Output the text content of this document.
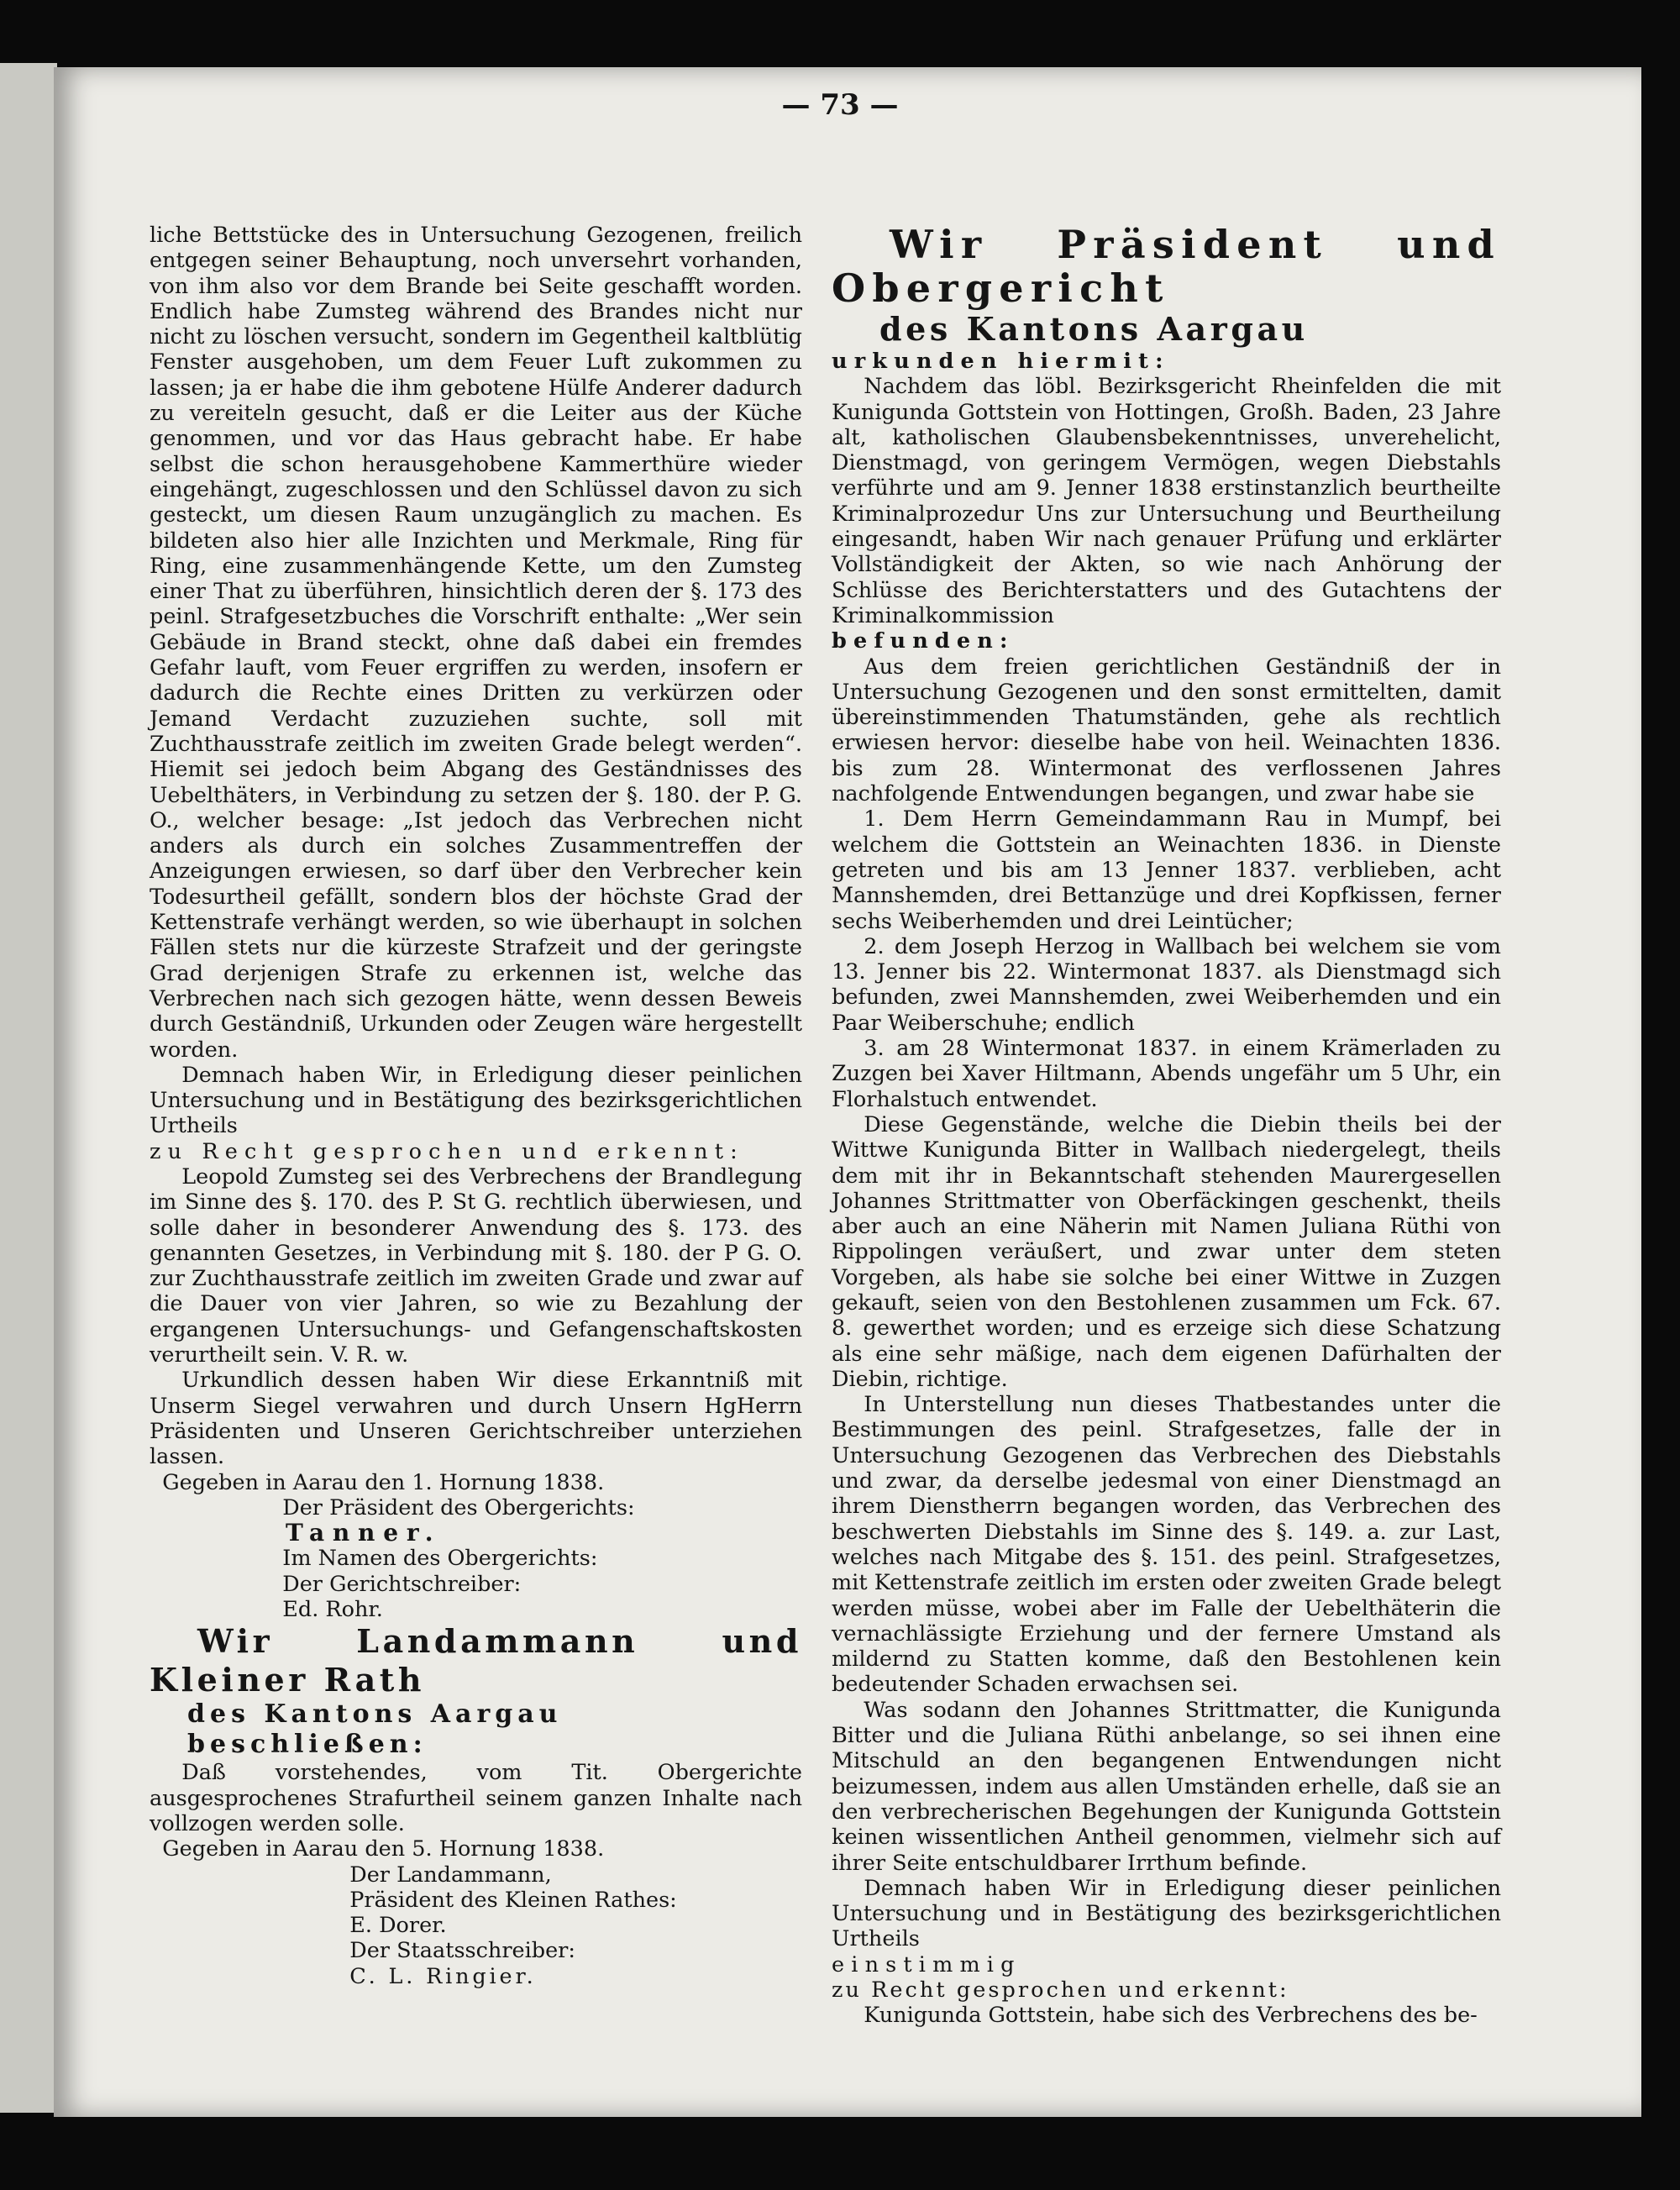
— 73 —

liche Bettstücke des in Untersuchung Gezogenen, freilich entgegen seiner Behauptung, noch unversehrt vorhanden, von ihm also vor dem Brande bei Seite geschafft worden. Endlich habe Zumsteg während des Brandes nicht nur nicht zu löschen versucht, sondern im Gegentheil kaltblütig Fenster ausgehoben, um dem Feuer Luft zukommen zu lassen; ja er habe die ihm gebotene Hülfe Anderer dadurch zu vereiteln gesucht, daß er die Leiter aus der Küche genommen, und vor das Haus gebracht habe. Er habe selbst die schon herausgehobene Kammerthüre wieder eingehängt, zugeschlossen und den Schlüssel davon zu sich gesteckt, um diesen Raum unzugänglich zu machen. Es bildeten also hier alle Inzichten und Merkmale, Ring für Ring, eine zusammenhängende Kette, um den Zumsteg einer That zu überführen, hinsichtlich deren der §. 173 des peinl. Strafgesetzbuches die Vorschrift enthalte: „Wer sein Gebäude in Brand steckt, ohne daß dabei ein fremdes Gefahr lauft, vom Feuer ergriffen zu werden, insofern er dadurch die Rechte eines Dritten zu verkürzen oder Jemand Verdacht zuzuziehen suchte, soll mit Zuchthausstrafe zeitlich im zweiten Grade belegt werden“. Hiemit sei jedoch beim Abgang des Geständnisses des Uebelthäters, in Verbindung zu setzen der §. 180. der P. G. O., welcher besage: „Ist jedoch das Verbrechen nicht anders als durch ein solches Zusammentreffen der Anzeigungen erwiesen, so darf über den Verbrecher kein Todesurtheil gefällt, sondern blos der höchste Grad der Kettenstrafe verhängt werden, so wie überhaupt in solchen Fällen stets nur die kürzeste Strafzeit und der geringste Grad derjenigen Strafe zu erkennen ist, welche das Verbrechen nach sich gezogen hätte, wenn dessen Beweis durch Geständniß, Urkunden oder Zeugen wäre hergestellt worden.

Demnach haben Wir, in Erledigung dieser peinlichen Untersuchung und in Bestätigung des bezirksgerichtlichen Urtheils

zu Recht gesprochen und erkennt:

Leopold Zumsteg sei des Verbrechens der Brandlegung im Sinne des §. 170. des P. St G. rechtlich überwiesen, und solle daher in besonderer Anwendung des §. 173. des genannten Gesetzes, in Verbindung mit §. 180. der P G. O. zur Zuchthausstrafe zeitlich im zweiten Grade und zwar auf die Dauer von vier Jahren, so wie zu Bezahlung der ergangenen Untersuchungs- und Gefangenschaftskosten verurtheilt sein. V. R. w.

Urkundlich dessen haben Wir diese Erkanntniß mit Unserm Siegel verwahren und durch Unsern HgHerrn Präsidenten und Unseren Gerichtschreiber unterziehen lassen.

Gegeben in Aarau den 1. Hornung 1838.

Der Präsident des Obergerichts:

Tanner.

Im Namen des Obergerichts:

Der Gerichtschreiber:

Ed. Rohr.

Wir Landammann und Kleiner Rath

des Kantons Aargau

beschließen:

Daß vorstehendes, vom Tit. Obergerichte ausgesprochenes Strafurtheil seinem ganzen Inhalte nach vollzogen werden solle.

Gegeben in Aarau den 5. Hornung 1838.

Der Landammann,

Präsident des Kleinen Rathes:

E. Dorer.

Der Staatsschreiber:

C. L. Ringier.

Wir Präsident und Obergericht

des Kantons Aargau

urkunden hiermit:

Nachdem das löbl. Bezirksgericht Rheinfelden die mit Kunigunda Gottstein von Hottingen, Großh. Baden, 23 Jahre alt, katholischen Glaubensbekenntnisses, unverehelicht, Dienstmagd, von geringem Vermögen, wegen Diebstahls verführte und am 9. Jenner 1838 erstinstanzlich beurtheilte Kriminalprozedur Uns zur Untersuchung und Beurtheilung eingesandt, haben Wir nach genauer Prüfung und erklärter Vollständigkeit der Akten, so wie nach Anhörung der Schlüsse des Berichterstatters und des Gutachtens der Kriminalkommission

befunden:

Aus dem freien gerichtlichen Geständniß der in Untersuchung Gezogenen und den sonst ermittelten, damit übereinstimmenden Thatumständen, gehe als rechtlich erwiesen hervor: dieselbe habe von heil. Weinachten 1836. bis zum 28. Wintermonat des verflossenen Jahres nachfolgende Entwendungen begangen, und zwar habe sie

1. Dem Herrn Gemeindammann Rau in Mumpf, bei welchem die Gottstein an Weinachten 1836. in Dienste getreten und bis am 13 Jenner 1837. verblieben, acht Mannshemden, drei Bettanzüge und drei Kopfkissen, ferner sechs Weiberhemden und drei Leintücher;

2. dem Joseph Herzog in Wallbach bei welchem sie vom 13. Jenner bis 22. Wintermonat 1837. als Dienstmagd sich befunden, zwei Mannshemden, zwei Weiberhemden und ein Paar Weiberschuhe; endlich

3. am 28 Wintermonat 1837. in einem Krämerladen zu Zuzgen bei Xaver Hiltmann, Abends ungefähr um 5 Uhr, ein Florhalstuch entwendet.

Diese Gegenstände, welche die Diebin theils bei der Wittwe Kunigunda Bitter in Wallbach niedergelegt, theils dem mit ihr in Bekanntschaft stehenden Maurergesellen Johannes Strittmatter von Oberfäckingen geschenkt, theils aber auch an eine Näherin mit Namen Juliana Rüthi von Rippolingen veräußert, und zwar unter dem steten Vorgeben, als habe sie solche bei einer Wittwe in Zuzgen gekauft, seien von den Bestohlenen zusammen um Fck. 67. 8. gewerthet worden; und es erzeige sich diese Schatzung als eine sehr mäßige, nach dem eigenen Dafürhalten der Diebin, richtige.

In Unterstellung nun dieses Thatbestandes unter die Bestimmungen des peinl. Strafgesetzes, falle der in Untersuchung Gezogenen das Verbrechen des Diebstahls und zwar, da derselbe jedesmal von einer Dienstmagd an ihrem Dienstherrn begangen worden, das Verbrechen des beschwerten Diebstahls im Sinne des §. 149. a. zur Last, welches nach Mitgabe des §. 151. des peinl. Strafgesetzes, mit Kettenstrafe zeitlich im ersten oder zweiten Grade belegt werden müsse, wobei aber im Falle der Uebelthäterin die vernachlässigte Erziehung und der fernere Umstand als mildernd zu Statten komme, daß den Bestohlenen kein bedeutender Schaden erwachsen sei.

Was sodann den Johannes Strittmatter, die Kunigunda Bitter und die Juliana Rüthi anbelange, so sei ihnen eine Mitschuld an den begangenen Entwendungen nicht beizumessen, indem aus allen Umständen erhelle, daß sie an den verbrecherischen Begehungen der Kunigunda Gottstein keinen wissentlichen Antheil genommen, vielmehr sich auf ihrer Seite entschuldbarer Irrthum befinde.

Demnach haben Wir in Erledigung dieser peinlichen Untersuchung und in Bestätigung des bezirksgerichtlichen Urtheils

einstimmig

zu Recht gesprochen und erkennt:

Kunigunda Gottstein, habe sich des Verbrechens des be-
